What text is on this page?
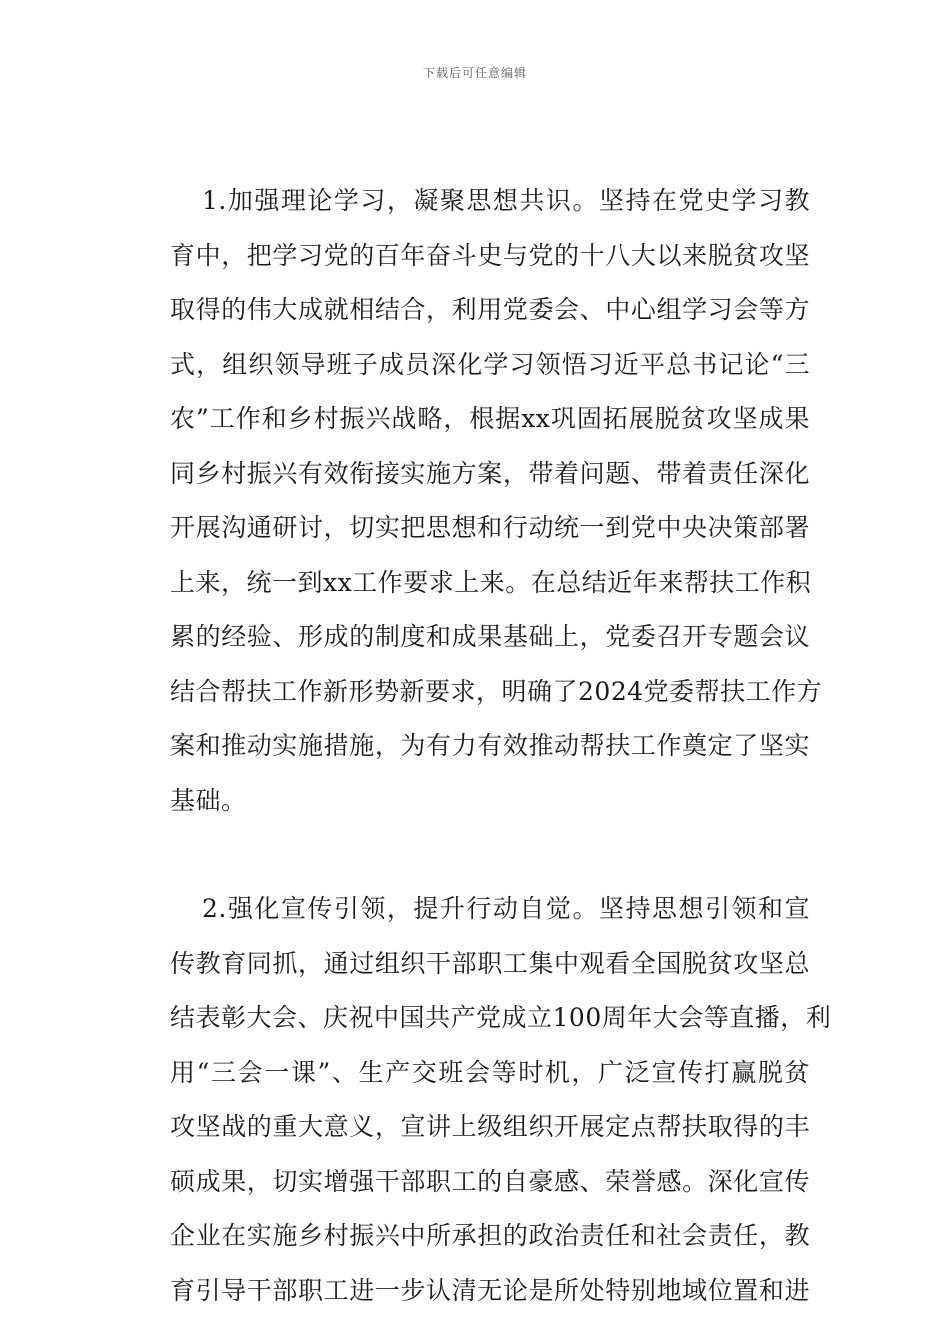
下载后可任意编辑
1.加强理论学习，凝聚思想共识。坚持在党史学习教
育中，把学习党的百年奋斗史与党的十八大以来脱贫攻坚
取得的伟大成就相结合，利用党委会、中心组学习会等方
式，组织领导班子成员深化学习领悟习近平总书记论“三
农”工作和乡村振兴战略，根据xx巩固拓展脱贫攻坚成果
同乡村振兴有效衔接实施方案，带着问题、带着责任深化
开展沟通研讨，切实把思想和行动统一到党中央决策部署
上来，统一到xx工作要求上来。在总结近年来帮扶工作积
累的经验、形成的制度和成果基础上，党委召开专题会议
结合帮扶工作新形势新要求，明确了2024党委帮扶工作方
案和推动实施措施，为有力有效推动帮扶工作奠定了坚实
基础。
2.强化宣传引领，提升行动自觉。坚持思想引领和宣
传教育同抓，通过组织干部职工集中观看全国脱贫攻坚总
结表彰大会、庆祝中国共产党成立100周年大会等直播，利
用“三会一课”、生产交班会等时机，广泛宣传打赢脱贫
攻坚战的重大意义，宣讲上级组织开展定点帮扶取得的丰
硕成果，切实增强干部职工的自豪感、荣誉感。深化宣传
企业在实施乡村振兴中所承担的政治责任和社会责任，教
育引导干部职工进一步认清无论是所处特别地域位置和进
